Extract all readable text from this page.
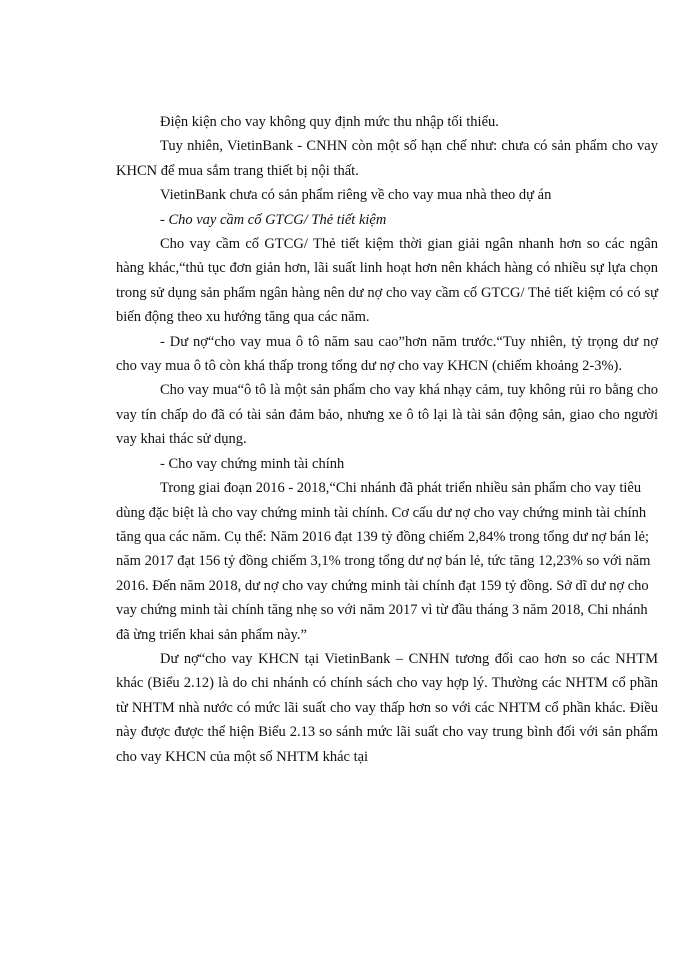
Điện kiện cho vay không quy định mức thu nhập tối thiểu.

Tuy nhiên, VietinBank - CNHN còn một số hạn chế như: chưa có sản phẩm cho vay KHCN để mua sắm trang thiết bị nội thất.

VietinBank chưa có sản phẩm riêng về cho vay mua nhà theo dự án

- Cho vay cầm cố GTCG/ Thẻ tiết kiệm

Cho vay cầm cố GTCG/ Thẻ tiết kiệm thời gian giải ngân nhanh hơn so các ngân hàng khác,“thủ tục đơn giản hơn, lãi suất linh hoạt hơn nên khách hàng có nhiều sự lựa chọn trong sử dụng sản phẩm ngân hàng nên dư nợ cho vay cầm cố GTCG/ Thẻ tiết kiệm có có sự biến động theo xu hướng tăng qua các năm.

- Dư nợ“cho vay mua ô tô năm sau cao”hơn năm trước.“Tuy nhiên, tỷ trọng dư nợ cho vay mua ô tô còn khá thấp trong tổng dư nợ cho vay KHCN (chiếm khoảng 2-3%).

Cho vay mua“ô tô là một sản phẩm cho vay khá nhạy cảm, tuy không rủi ro bằng cho vay tín chấp do đã có tài sản đảm bảo, nhưng xe ô tô lại là tài sản động sản, giao cho người vay khai thác sử dụng.

- Cho vay chứng minh tài chính

Trong giai đoạn 2016 - 2018,“Chi nhánh đã phát triển nhiều sản phẩm cho vay tiêu dùng đặc biệt là cho vay chứng minh tài chính. Cơ cấu dư nợ cho vay chứng minh tài chính tăng qua các năm. Cụ thể: Năm 2016 đạt 139 tỷ đồng chiếm 2,84% trong tổng dư nợ bán lẻ; năm 2017 đạt 156 tỷ đồng chiếm 3,1% trong tổng dư nợ bán lẻ, tức tăng 12,23% so với năm 2016. Đến năm 2018, dư nợ cho vay chứng minh tài chính đạt 159 tỷ đồng. Sở dĩ dư nợ cho vay chứng minh tài chính tăng nhẹ so với năm 2017 vì từ đầu tháng 3 năm 2018, Chi nhánh đã ừng triển khai sản phẩm này.”

Dư nợ“cho vay KHCN tại VietinBank – CNHN tương đối cao hơn so các NHTM khác (Biểu 2.12) là do chi nhánh có chính sách cho vay hợp lý. Thường các NHTM cổ phần từ NHTM nhà nước có mức lãi suất cho vay thấp hơn so với các NHTM cổ phần khác. Điều này được được thể hiện Biểu 2.13 so sánh mức lãi suất cho vay trung bình đối với sản phẩm cho vay KHCN của một số NHTM khác tại
